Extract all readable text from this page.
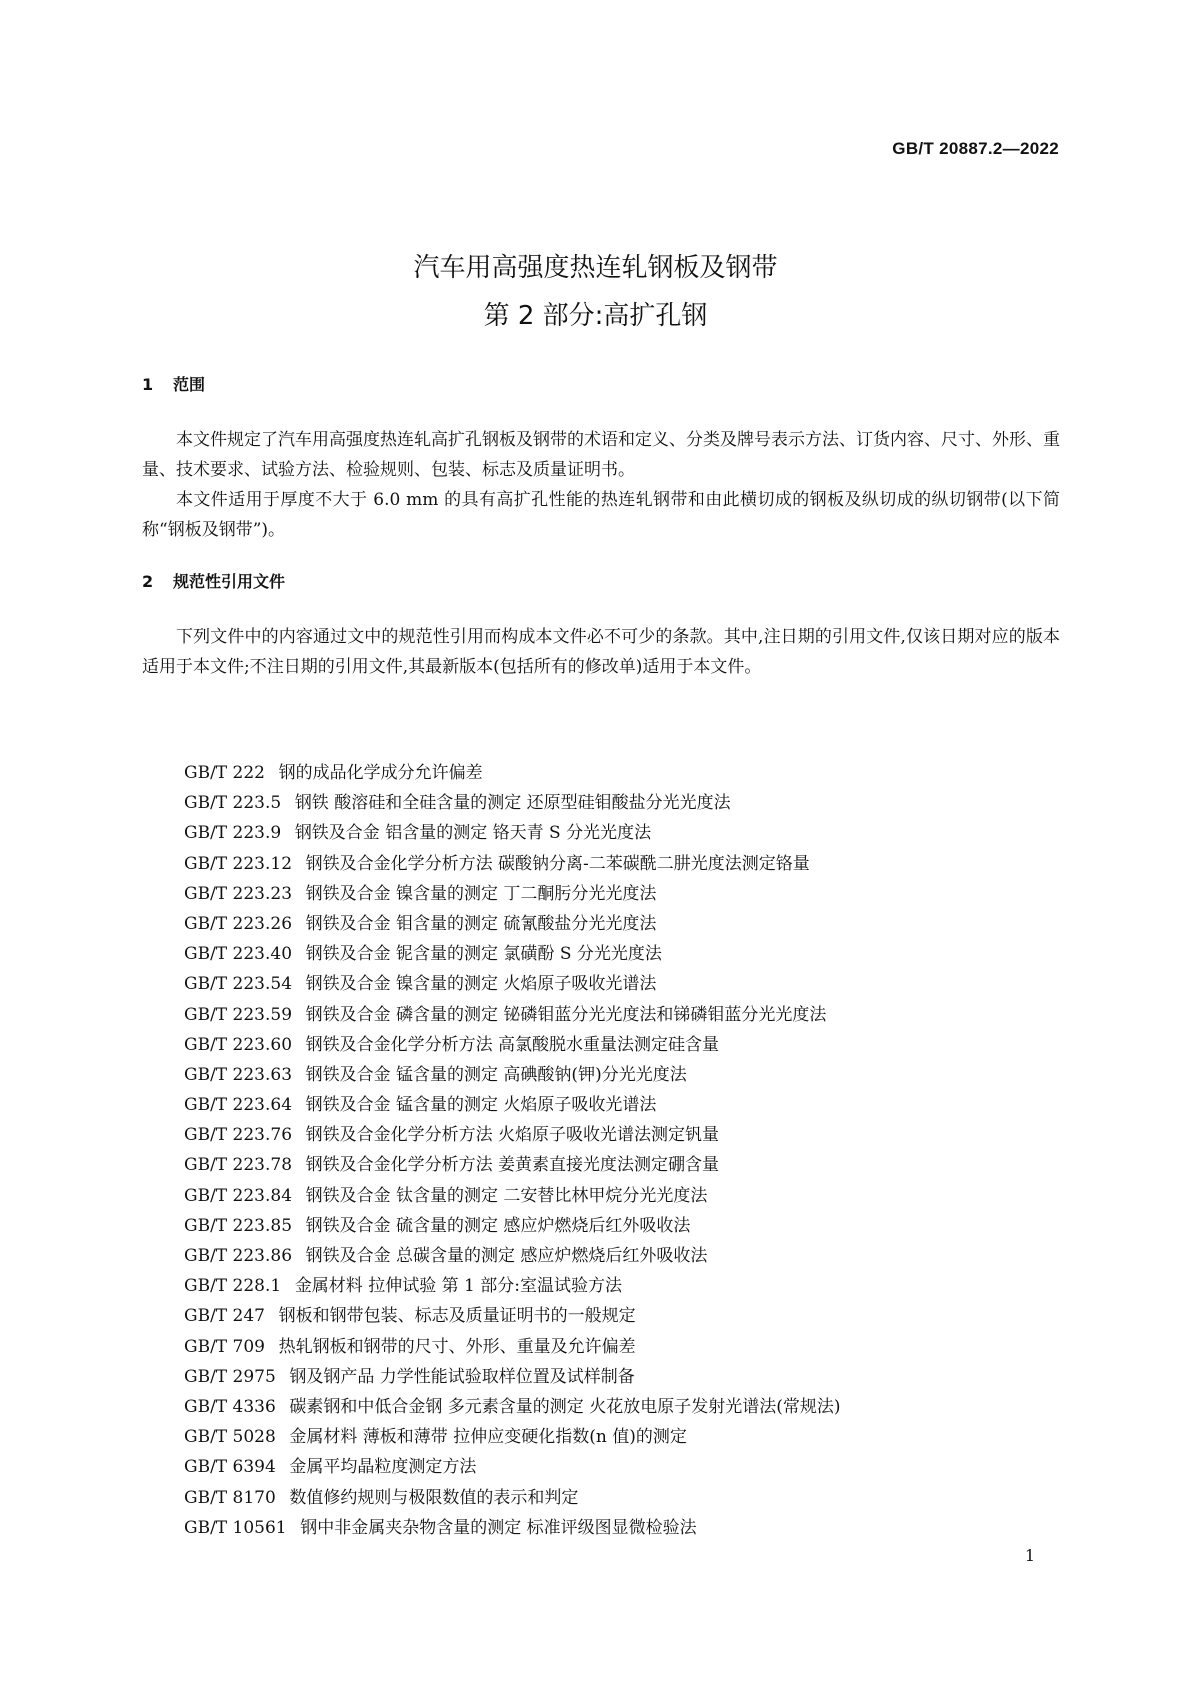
GB/T 20887.2—2022
汽车用高强度热连轧钢板及钢带
第 2 部分:高扩孔钢
1 范围

本文件规定了汽车用高强度热连轧高扩孔钢板及钢带的术语和定义、分类及牌号表示方法、订货内容、尺寸、外形、重量、技术要求、试验方法、检验规则、包装、标志及质量证明书。

本文件适用于厚度不大于 6.0 mm 的具有高扩孔性能的热连轧钢带和由此横切成的钢板及纵切成的纵切钢带(以下简称“钢板及钢带”)。

2 规范性引用文件

下列文件中的内容通过文中的规范性引用而构成本文件必不可少的条款。其中,注日期的引用文件,仅该日期对应的版本适用于本文件;不注日期的引用文件,其最新版本(包括所有的修改单)适用于本文件。

GB/T 222 钢的成品化学成分允许偏差
GB/T 223.5 钢铁 酸溶硅和全硅含量的测定 还原型硅钼酸盐分光光度法
GB/T 223.9 钢铁及合金 铝含量的测定 铬天青 S 分光光度法
GB/T 223.12 钢铁及合金化学分析方法 碳酸钠分离-二苯碳酰二肼光度法测定铬量
GB/T 223.23 钢铁及合金 镍含量的测定 丁二酮肟分光光度法
GB/T 223.26 钢铁及合金 钼含量的测定 硫氰酸盐分光光度法
GB/T 223.40 钢铁及合金 铌含量的测定 氯磺酚 S 分光光度法
GB/T 223.54 钢铁及合金 镍含量的测定 火焰原子吸收光谱法
GB/T 223.59 钢铁及合金 磷含量的测定 铋磷钼蓝分光光度法和锑磷钼蓝分光光度法
GB/T 223.60 钢铁及合金化学分析方法 高氯酸脱水重量法测定硅含量
GB/T 223.63 钢铁及合金 锰含量的测定 高碘酸钠(钾)分光光度法
GB/T 223.64 钢铁及合金 锰含量的测定 火焰原子吸收光谱法
GB/T 223.76 钢铁及合金化学分析方法 火焰原子吸收光谱法测定钒量
GB/T 223.78 钢铁及合金化学分析方法 姜黄素直接光度法测定硼含量
GB/T 223.84 钢铁及合金 钛含量的测定 二安替比林甲烷分光光度法
GB/T 223.85 钢铁及合金 硫含量的测定 感应炉燃烧后红外吸收法
GB/T 223.86 钢铁及合金 总碳含量的测定 感应炉燃烧后红外吸收法
GB/T 228.1 金属材料 拉伸试验 第 1 部分:室温试验方法
GB/T 247 钢板和钢带包装、标志及质量证明书的一般规定
GB/T 709 热轧钢板和钢带的尺寸、外形、重量及允许偏差
GB/T 2975 钢及钢产品 力学性能试验取样位置及试样制备
GB/T 4336 碳素钢和中低合金钢 多元素含量的测定 火花放电原子发射光谱法(常规法)
GB/T 5028 金属材料 薄板和薄带 拉伸应变硬化指数(n 值)的测定
GB/T 6394 金属平均晶粒度测定方法
GB/T 8170 数值修约规则与极限数值的表示和判定
GB/T 10561 钢中非金属夹杂物含量的测定 标准评级图显微检验法
1
